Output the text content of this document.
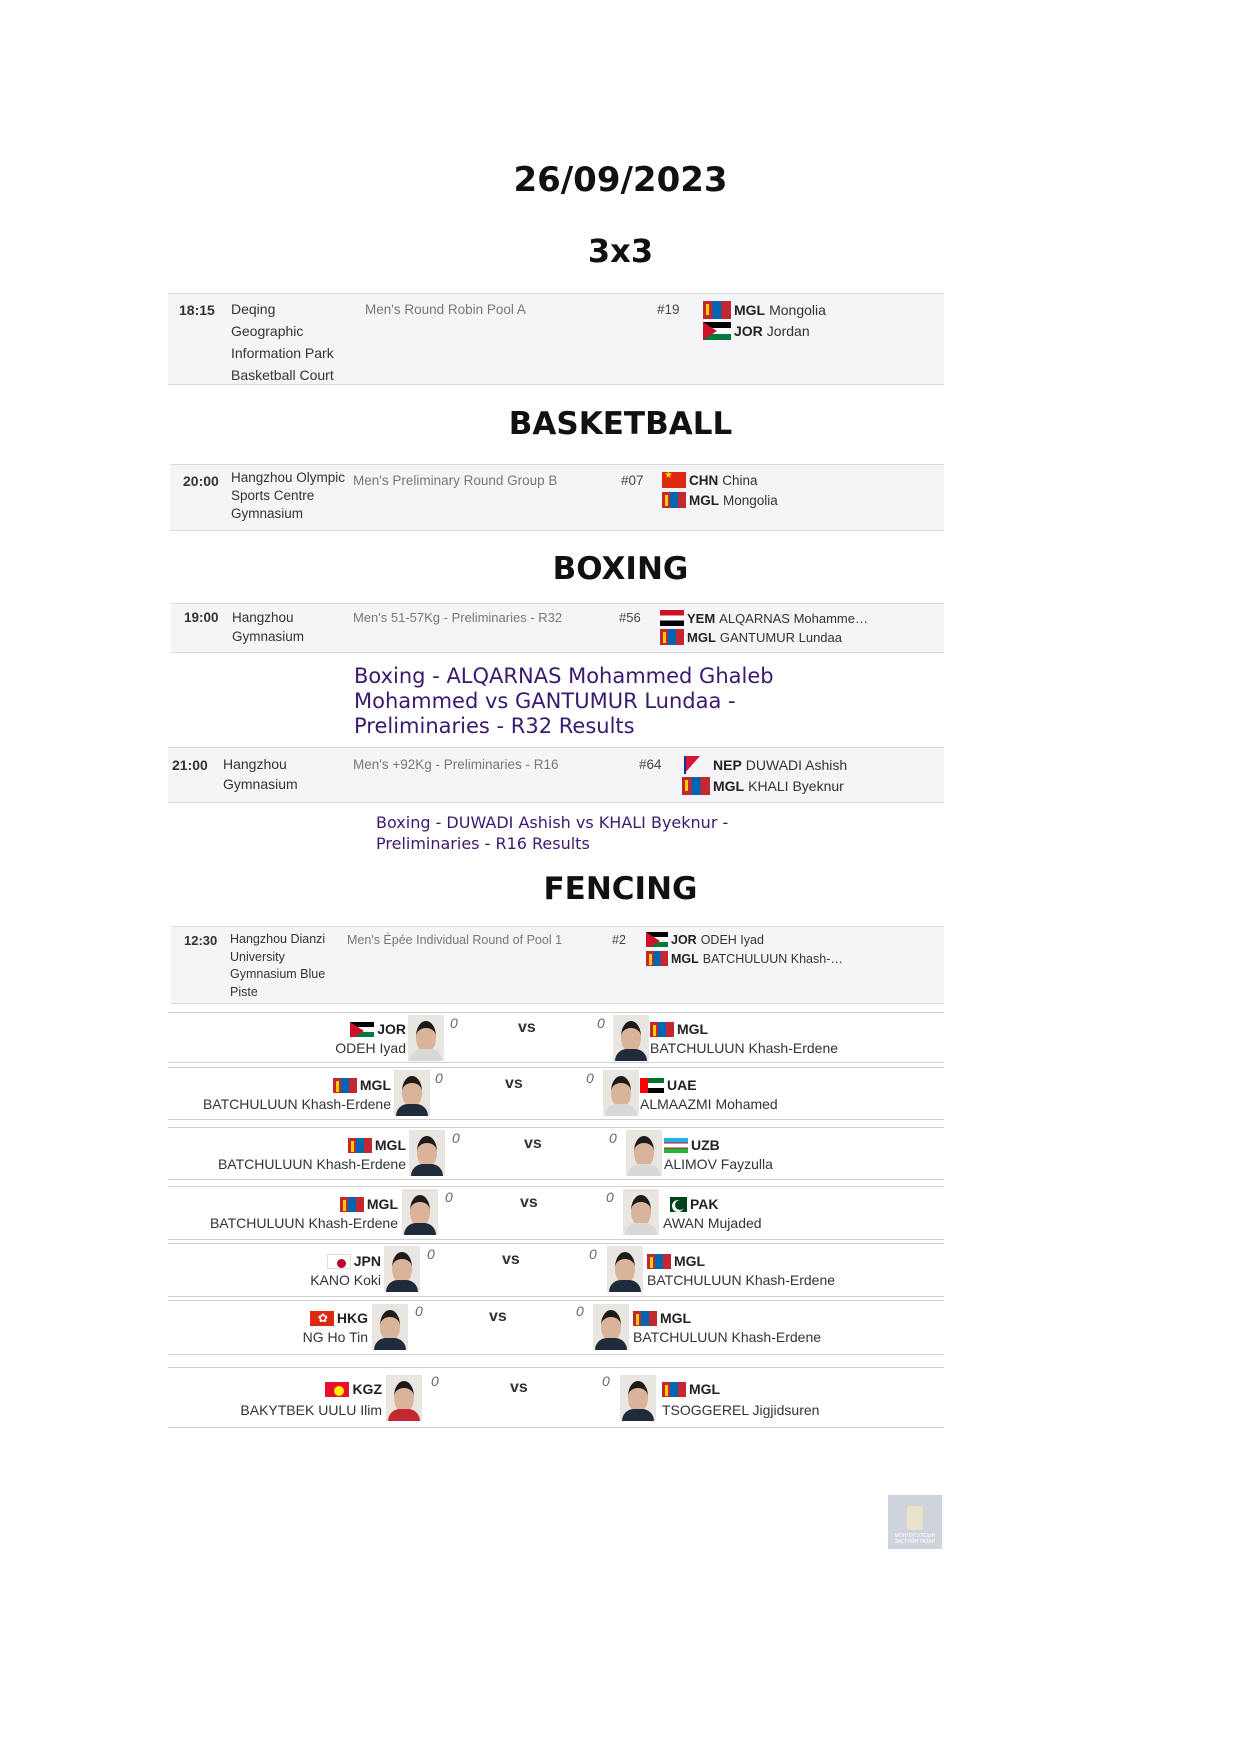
26/09/2023
3x3
18:15 Deqing
Geographic
Information Park
Basketball Court
Men's Round Robin Pool A	#19	MGL Mongolia
JOR Jordan
BASKETBALL
20:00 Hangzhou Olympic
Sports Centre
Gymnasium
Men's Preliminary Round Group B	#07
★	CHN China
MGL Mongolia
BOXING
19:00 Hangzhou
Gymnasium
Men's 51-57Kg - Preliminaries - R32	#56	YEM ALQARNAS Mohamme…
MGL GANTUMUR Lundaa
Boxing - ALQARNAS Mohammed Ghaleb
Mohammed vs GANTUMUR Lundaa -
Preliminaries - R32 Results
21:00 Hangzhou
Gymnasium
Men's +92Kg - Preliminaries - R16	#64	NEP DUWADI Ashish
MGL KHALI Byeknur
Boxing - DUWADI Ashish vs KHALI Byeknur -
Preliminaries - R16 Results
FENCING
12:30 Hangzhou Dianzi
University
Gymnasium Blue
Piste
Men's Épée Individual Round of Pool 1	#2	JOR ODEH Iyad
MGL BATCHULUUN Khash-…
JOR
ODEH Iyad
0	vs	0	MGL
BATCHULUUN Khash-Erdene
MGL
BATCHULUUN Khash-Erdene
0	vs	0	UAE
ALMAAZMI Mohamed
MGL
BATCHULUUN Khash-Erdene
0	vs	0	UZB
ALIMOV Fayzulla
MGL
BATCHULUUN Khash-Erdene
0	vs	0	PAK
AWAN Mujaded
JPN
KANO Koki
0	vs	0	MGL
BATCHULUUN Khash-Erdene
✿
HKG
NG Ho Tin
0	vs	0	MGL
BATCHULUUN Khash-Erdene
KGZ
BAKYTBEK UULU Ilim
0	vs	0	MGL
TSOGGEREL Jigjidsuren
МОНГОЛ УЛСЫН
ЗАСГИЙН ГАЗАР
